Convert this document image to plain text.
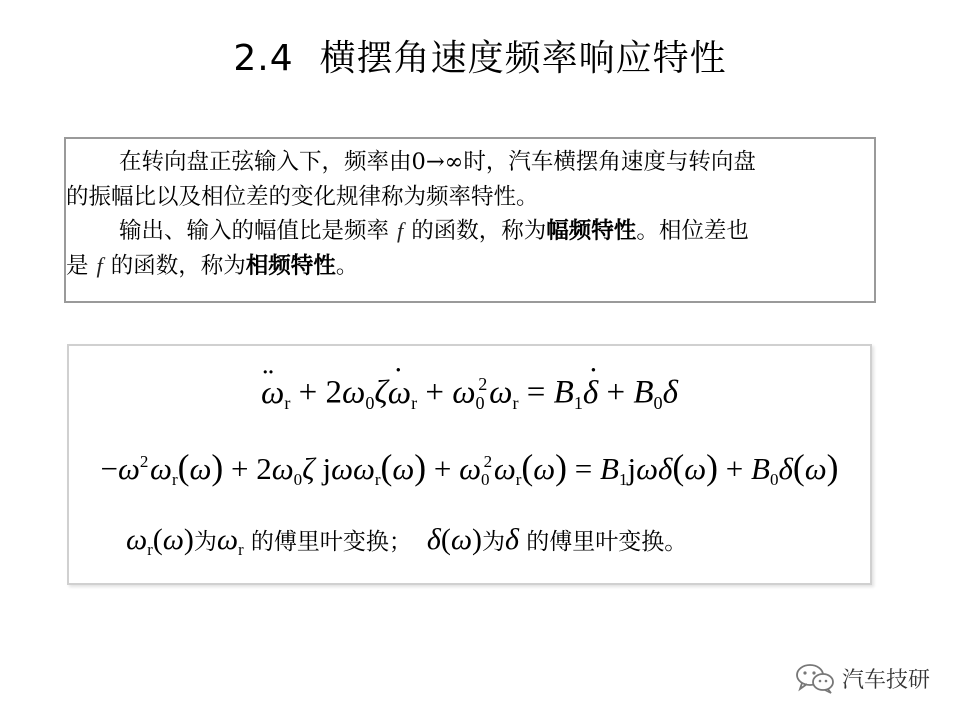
2.4 横摆角速度频率响应特性

在转向盘正弦输入下，频率由0→∞时，汽车横摆角速度与转向盘

的振幅比以及相位差的变化规律称为频率特性。

输出、输入的幅值比是频率 f 的函数，称为幅频特性。相位差也

是 f 的函数，称为相频特性。

¨ $\omega_r$ + $2\omega_0\zeta˙$ $\omega_r + \omega_0^2\omega_r$ = $B_1˙$ $\delta + B_0\delta$
$-\omega^2\omega_r(\omega) + 2\omega_0\zeta$ $j\omega\omega_r(\omega) + \omega_0^2\omega_r(\omega) = B_1j\omega\delta(\omega) + B_0\delta(\omega)$
$\omega_r(\omega)$为$\omega_r$ 的傅里叶变换； δ(ω)为δ 的傅里叶变换。
汽车技研
